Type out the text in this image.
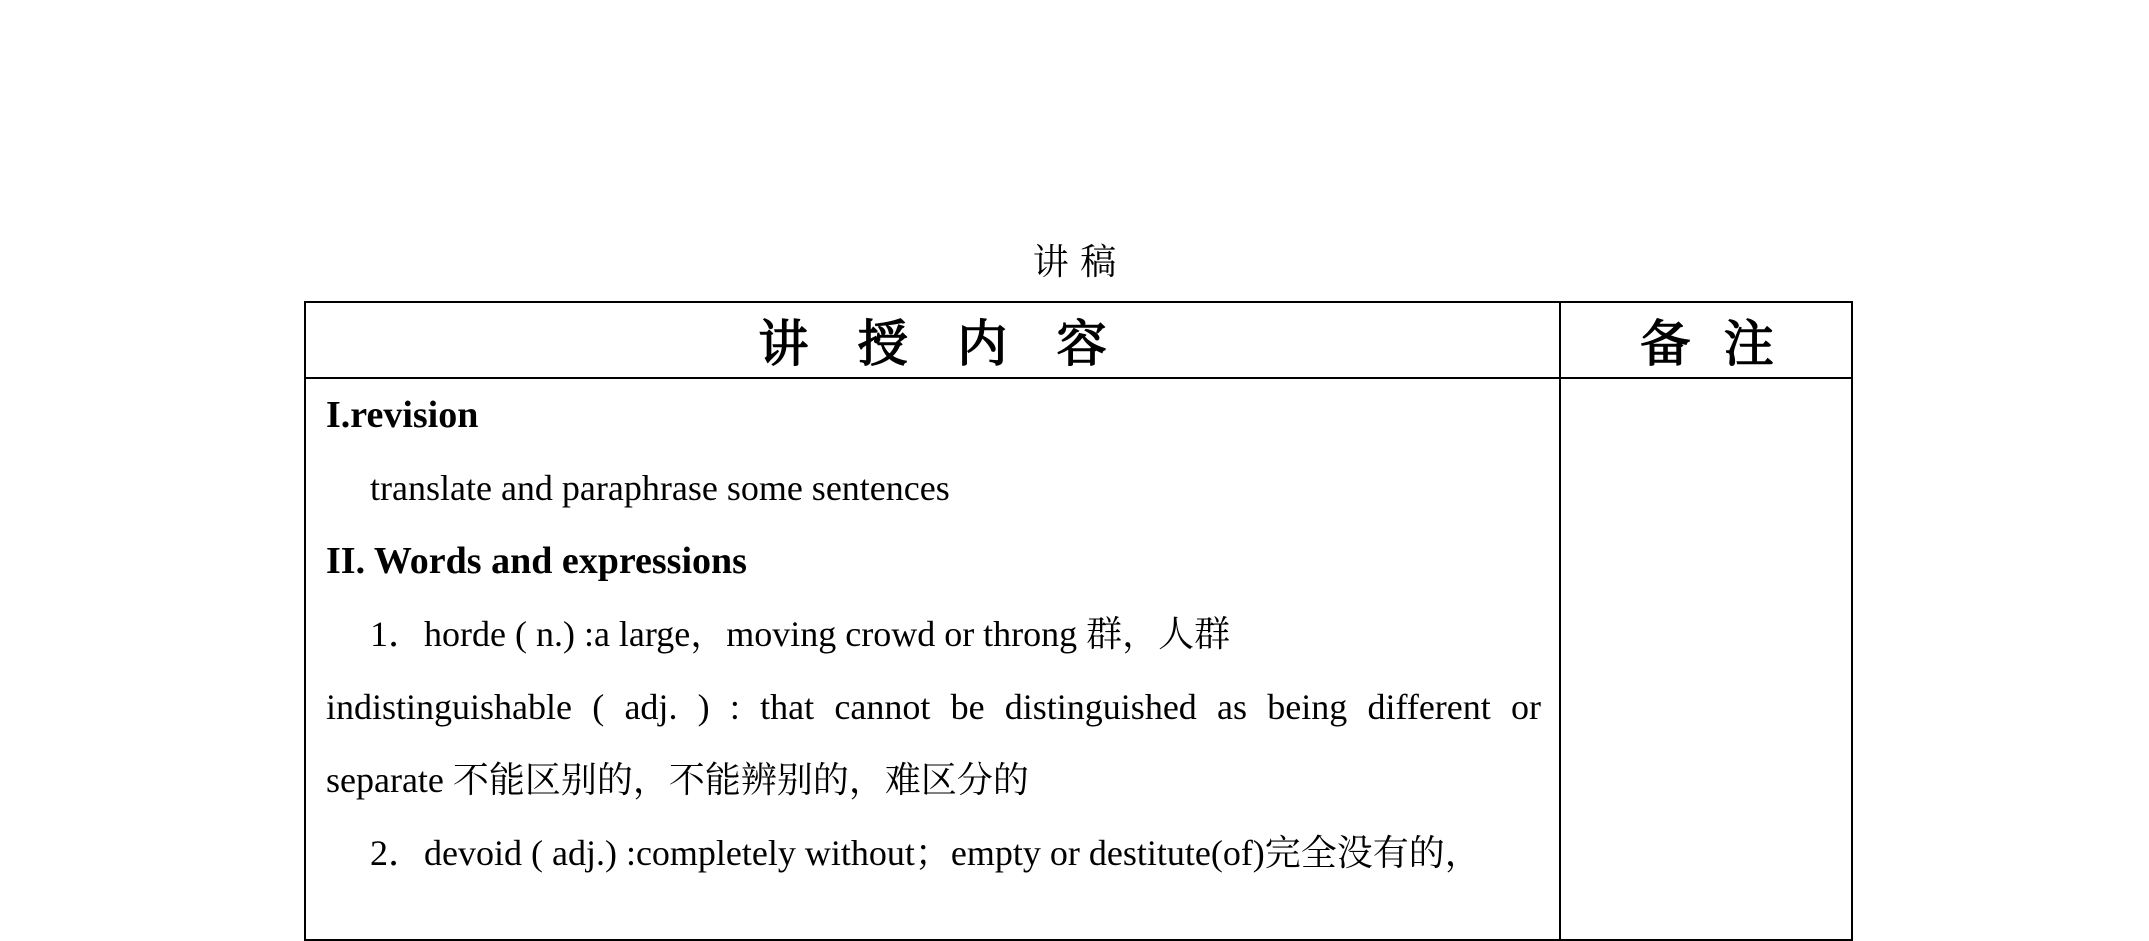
讲 稿
讲 授 内 容	备 注
I.revision
translate and paraphrase some sentences
II. Words and expressions
1．horde ( n.) :a large，moving crowd or throng 群，人群
indistinguishable ( adj. ) : that cannot be distinguished as being different or
separate 不能区别的，不能辨别的，难区分的
2．devoid ( adj.) :completely without；empty or destitute(of)完全没有的，
